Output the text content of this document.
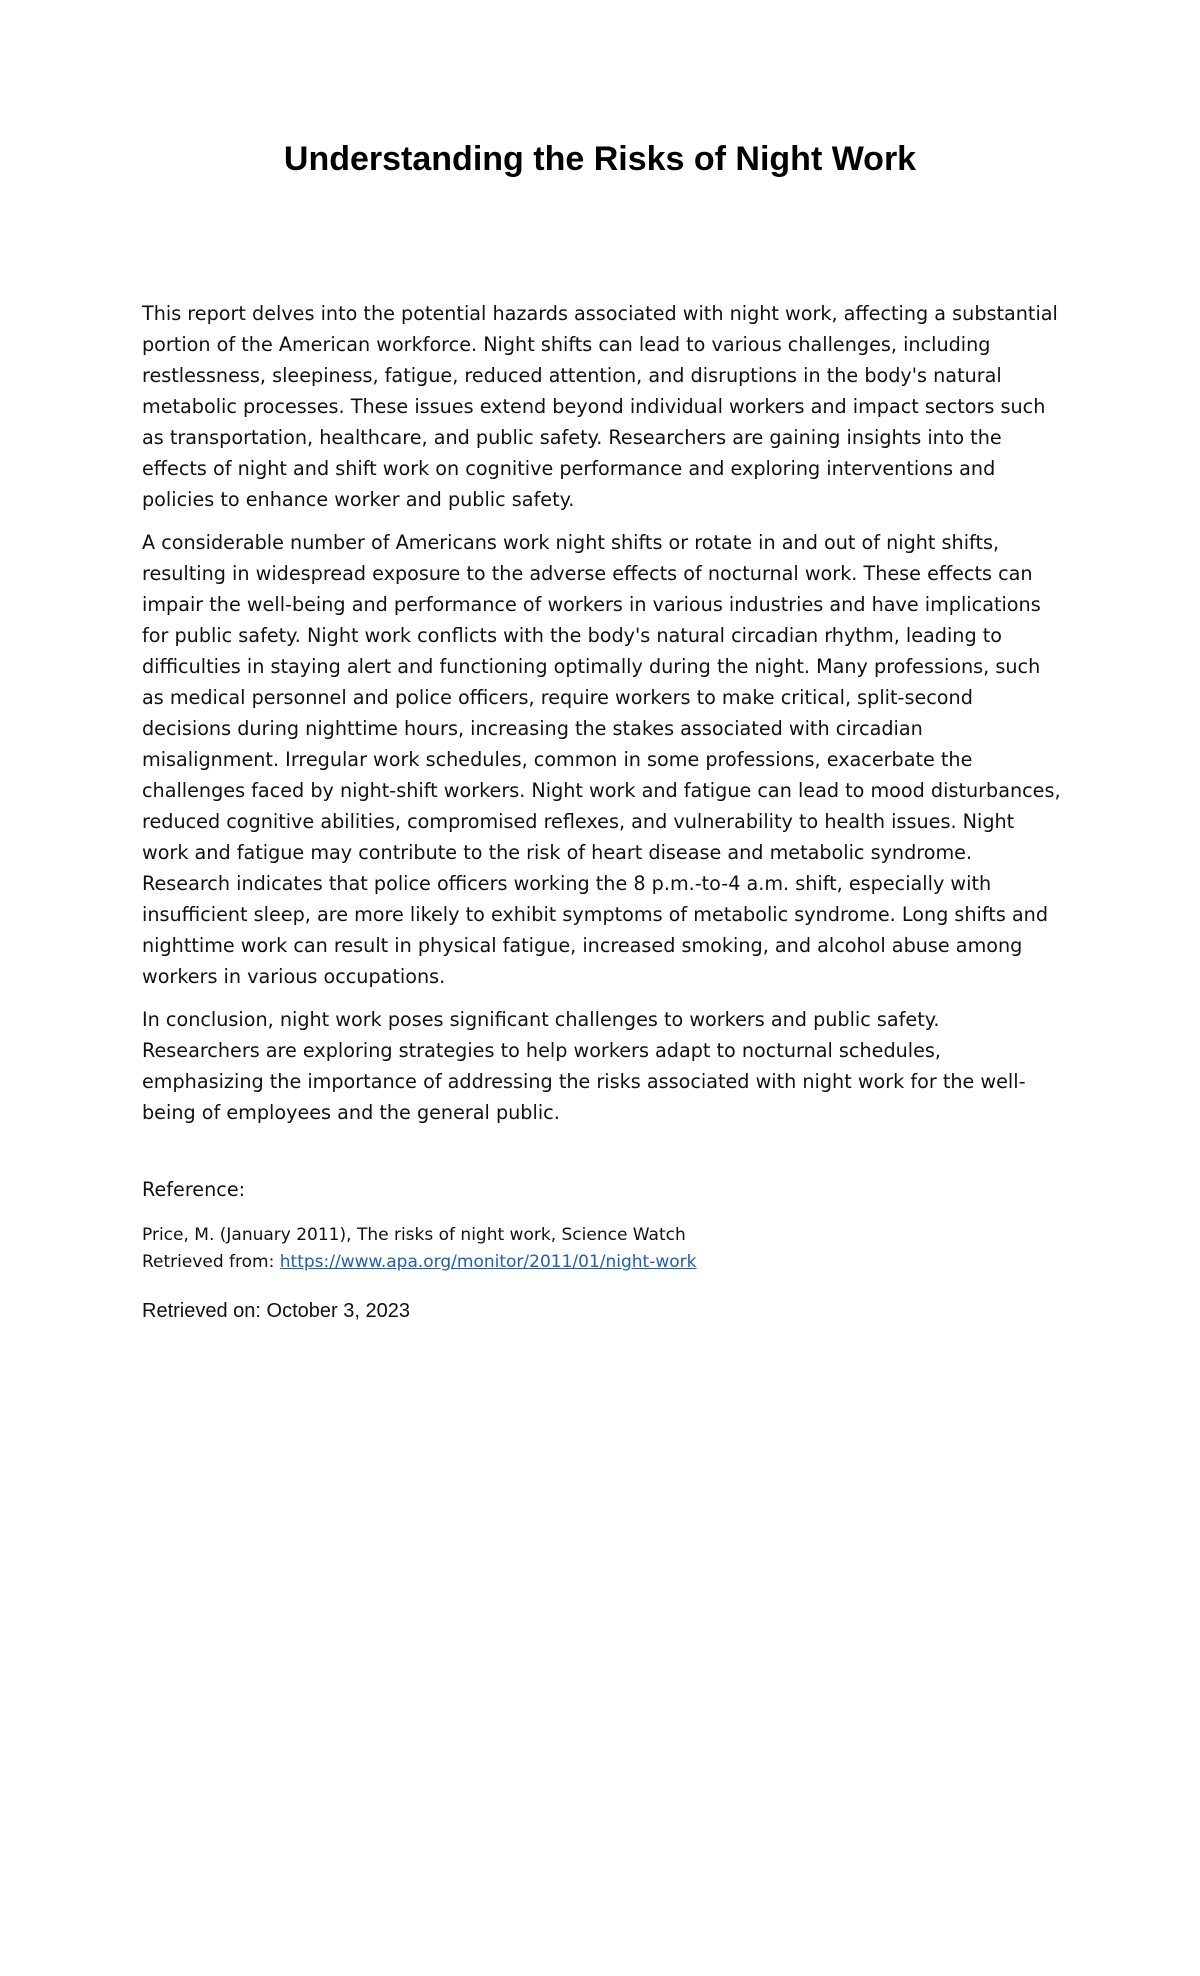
Understanding the Risks of Night Work

This report delves into the potential hazards associated with night work, affecting a substantial portion of the American workforce. Night shifts can lead to various challenges, including restlessness, sleepiness, fatigue, reduced attention, and disruptions in the body's natural metabolic processes. These issues extend beyond individual workers and impact sectors such as transportation, healthcare, and public safety. Researchers are gaining insights into the effects of night and shift work on cognitive performance and exploring interventions and policies to enhance worker and public safety.

A considerable number of Americans work night shifts or rotate in and out of night shifts, resulting in widespread exposure to the adverse effects of nocturnal work. These effects can impair the well-being and performance of workers in various industries and have implications for public safety. Night work conflicts with the body's natural circadian rhythm, leading to difficulties in staying alert and functioning optimally during the night. Many professions, such as medical personnel and police officers, require workers to make critical, split-second decisions during nighttime hours, increasing the stakes associated with circadian misalignment. Irregular work schedules, common in some professions, exacerbate the challenges faced by night-shift workers. Night work and fatigue can lead to mood disturbances, reduced cognitive abilities, compromised reflexes, and vulnerability to health issues. Night work and fatigue may contribute to the risk of heart disease and metabolic syndrome. Research indicates that police officers working the 8 p.m.-to-4 a.m. shift, especially with insufficient sleep, are more likely to exhibit symptoms of metabolic syndrome. Long shifts and nighttime work can result in physical fatigue, increased smoking, and alcohol abuse among workers in various occupations.

In conclusion, night work poses significant challenges to workers and public safety. Researchers are exploring strategies to help workers adapt to nocturnal schedules, emphasizing the importance of addressing the risks associated with night work for the well-being of employees and the general public.

Reference:

Price, M. (January 2011), The risks of night work, Science Watch
Retrieved from: https://www.apa.org/monitor/2011/01/night-work
Retrieved on: October 3, 2023
